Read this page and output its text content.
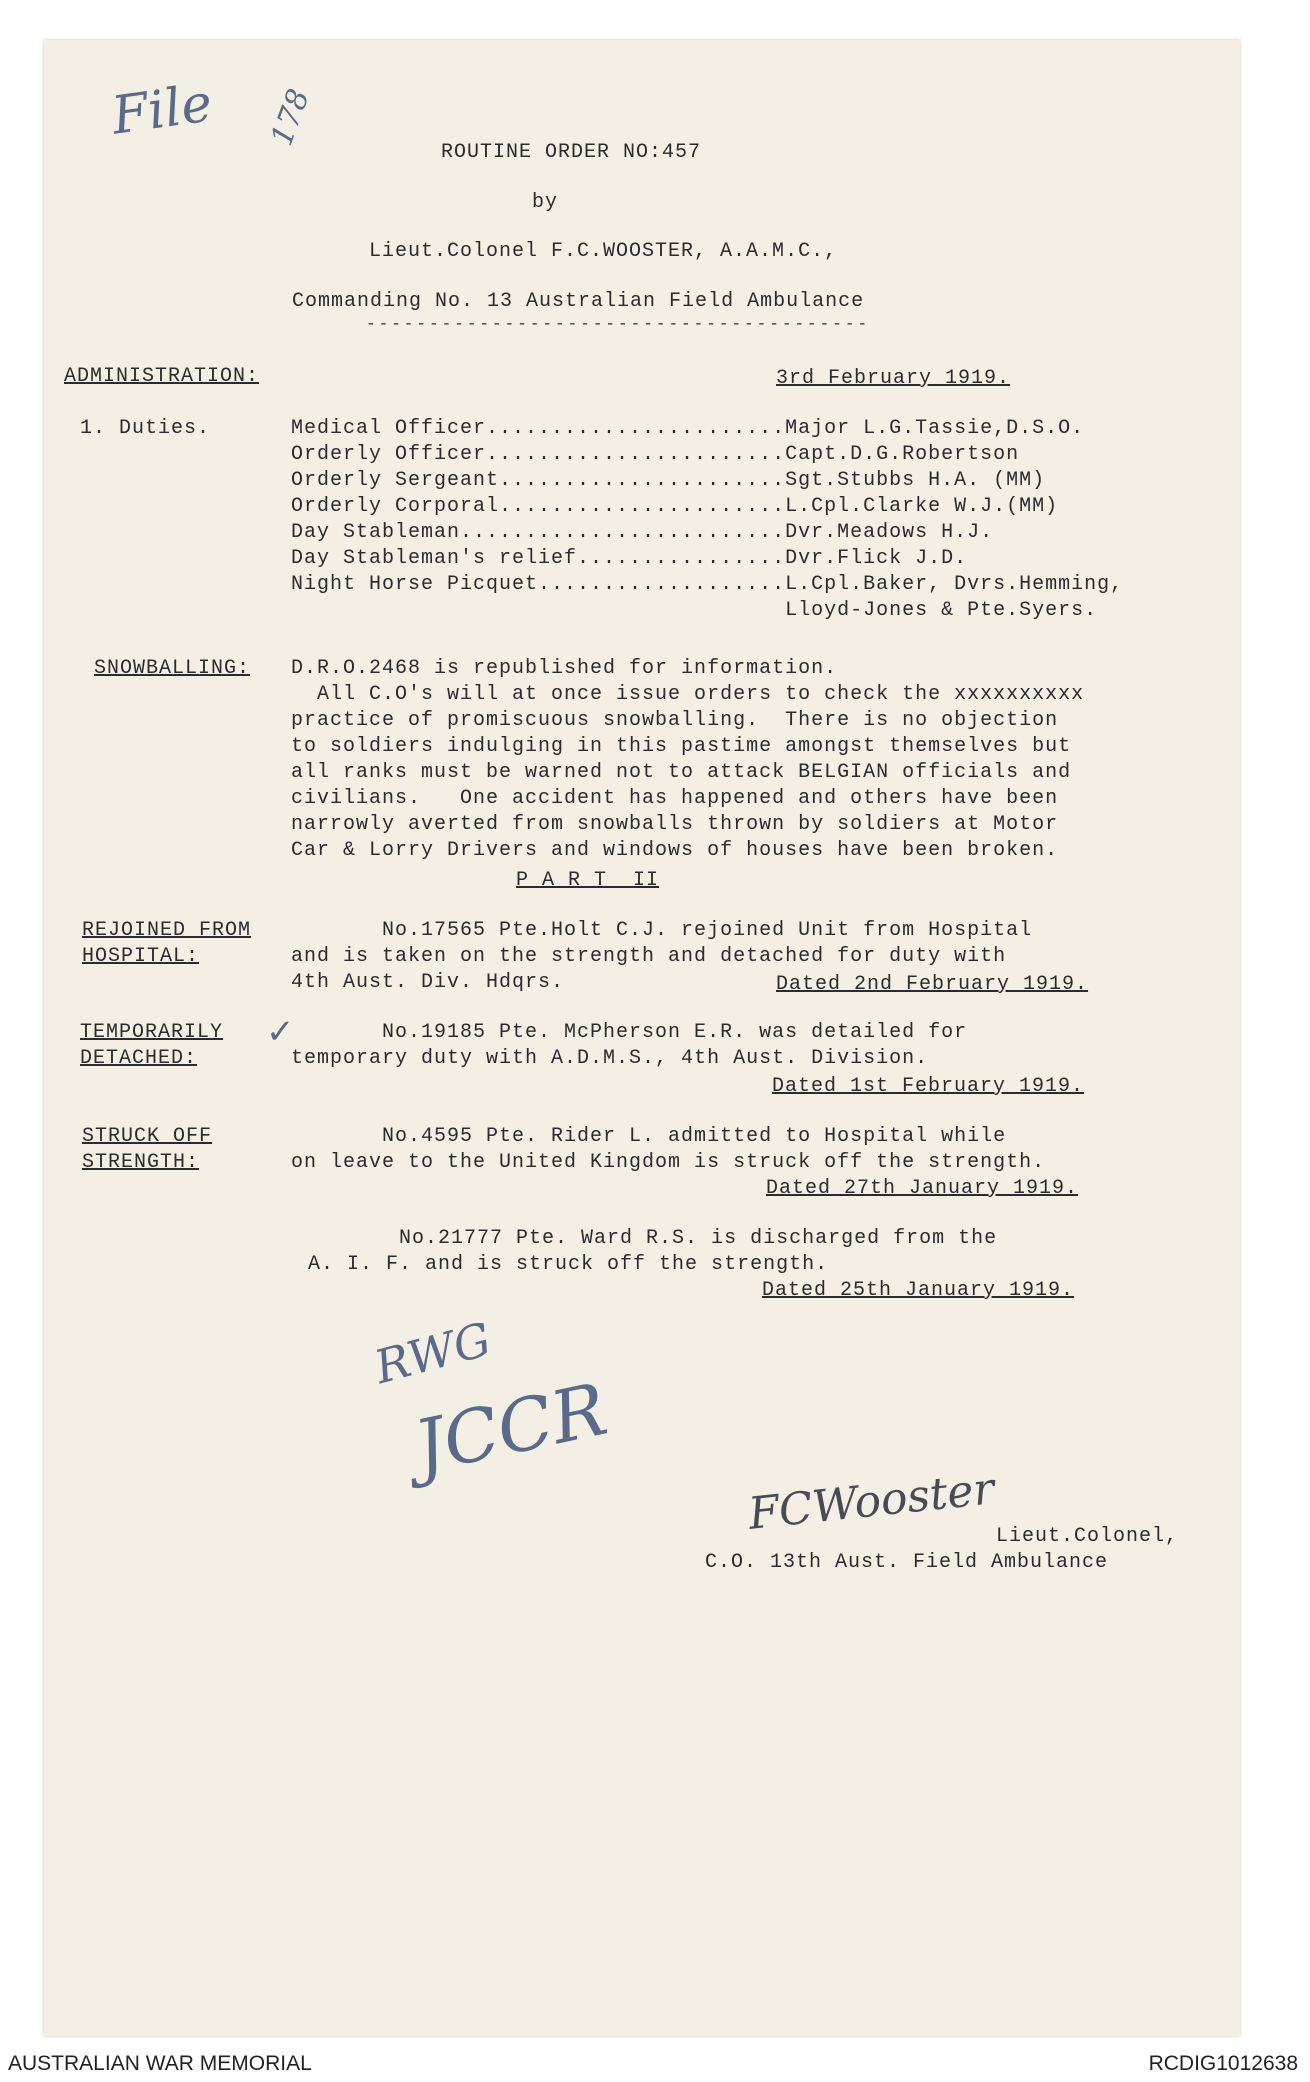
File 178
ROUTINE ORDER NO:457
by
Lieut.Colonel F.C.WOOSTER, A.A.M.C.,
Commanding No. 13 Australian Field Ambulance
----------------------------------------
ADMINISTRATION:	3rd February 1919.
1. Duties.	Medical Officer.......................Major L.G.Tassie,D.S.O.
Orderly Officer.......................Capt.D.G.Robertson
Orderly Sergeant......................Sgt.Stubbs H.A. (MM)
Orderly Corporal......................L.Cpl.Clarke W.J.(MM)
Day Stableman.........................Dvr.Meadows H.J.
Day Stableman's relief................Dvr.Flick J.D.
Night Horse Picquet...................L.Cpl.Baker, Dvrs.Hemming,
Lloyd-Jones & Pte.Syers.
SNOWBALLING: D.R.O.2468 is republished for information.
All C.O's will at once issue orders to check the xxxxxxxxxx
practice of promiscuous snowballing.  There is no objection
to soldiers indulging in this pastime amongst themselves but
all ranks must be warned not to attack BELGIAN officials and
civilians.   One accident has happened and others have been
narrowly averted from snowballs thrown by soldiers at Motor
Car & Lorry Drivers and windows of houses have been broken.
P A R T  II
REJOINED FROM
HOSPITAL:
No.17565 Pte.Holt C.J. rejoined Unit from Hospital
and is taken on the strength and detached for duty with
4th Aust. Div. Hdqrs.	Dated 2nd February 1919.
TEMPORARILY
DETACHED:
✓
No.19185 Pte. McPherson E.R. was detailed for
temporary duty with A.D.M.S., 4th Aust. Division.
Dated 1st February 1919.
STRUCK OFF
STRENGTH:
No.4595 Pte. Rider L. admitted to Hospital while
on leave to the United Kingdom is struck off the strength.
Dated 27th January 1919.
No.21777 Pte. Ward R.S. is discharged from the
A. I. F. and is struck off the strength.
Dated 25th January 1919.
RWG
JCCR
FCWooster Lieut.Colonel,
C.O. 13th Aust. Field Ambulance
AUSTRALIAN WAR MEMORIAL	RCDIG1012638
